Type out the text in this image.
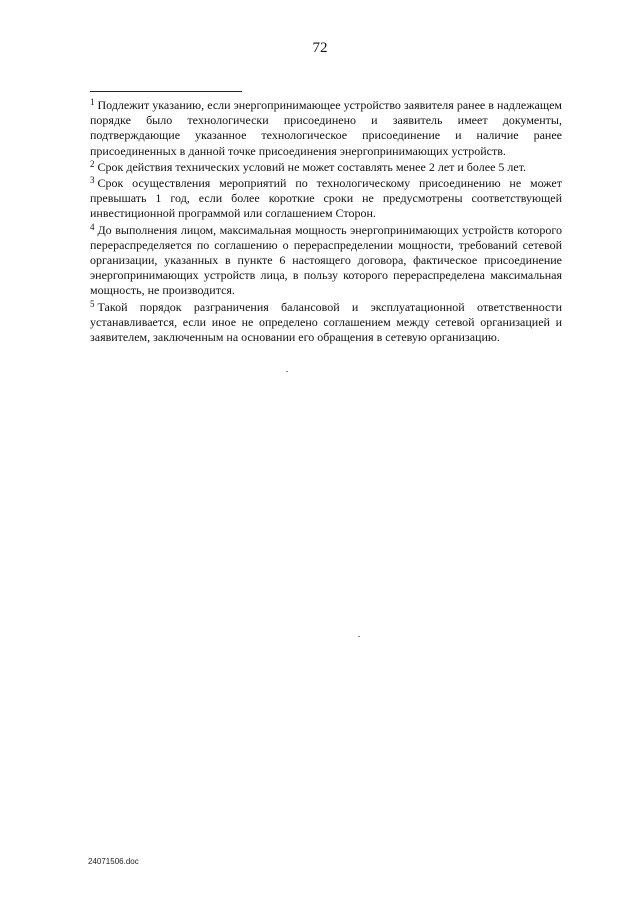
72

$^1$ Подлежит указанию, если энергопринимающее устройство заявителя ранее в надлежащем порядке было технологически присоединено и заявитель имеет документы, подтверждающие указанное технологическое присоединение и наличие ранее присоединенных в данной точке присоединения энергопринимающих устройств.

$^2$ Срок действия технических условий не может составлять менее 2 лет и более 5 лет.

$^3$ Срок осуществления мероприятий по технологическому присоединению не может превышать 1 год, если более короткие сроки не предусмотрены соответствующей инвестиционной программой или соглашением Сторон.

$^4$ До выполнения лицом, максимальная мощность энергопринимающих устройств которого перераспределяется по соглашению о перераспределении мощности, требований сетевой организации, указанных в пункте 6 настоящего договора, фактическое присоединение энергопринимающих устройств лица, в пользу которого перераспределена максимальная мощность, не производится.

$^5$ Такой порядок разграничения балансовой и эксплуатационной ответственности устанавливается, если иное не определено соглашением между сетевой организацией и заявителем, заключенным на основании его обращения в сетевую организацию.

24071506.doc
